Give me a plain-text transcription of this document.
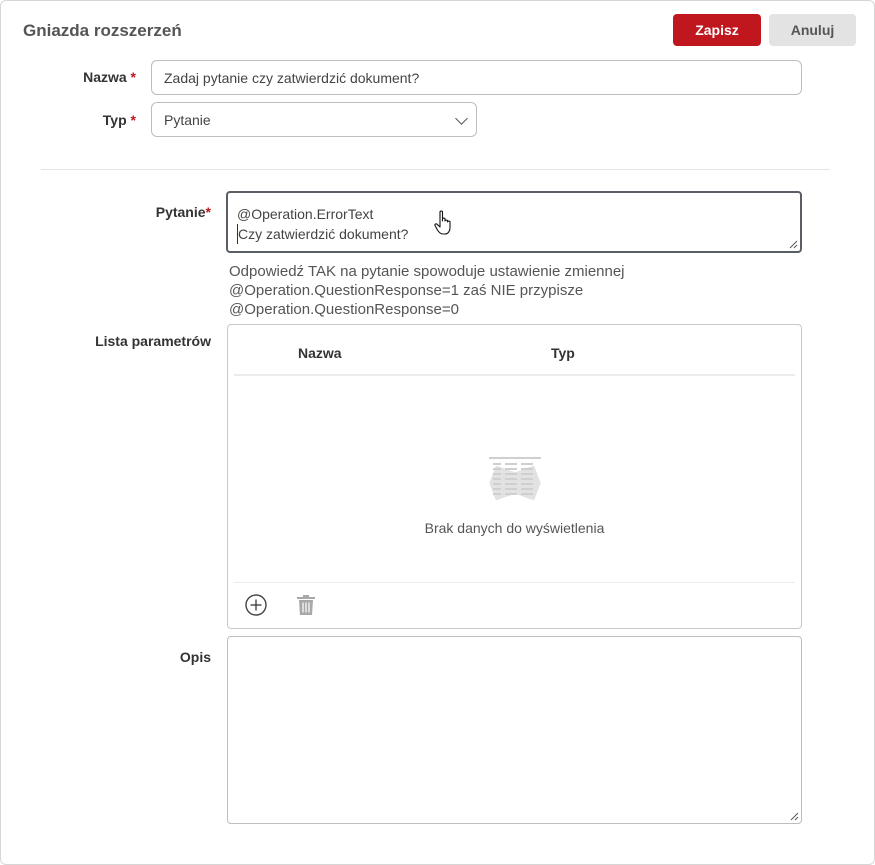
Gniazda rozszerzeń	Zapisz	Anuluj
Nazwa * Zadaj pytanie czy zatwierdzić dokument?
Typ * Pytanie
Pytanie* @Operation.ErrorText
Czy zatwierdzić dokument?
Odpowiedź TAK na pytanie spowoduje ustawienie zmiennej @Operation.QuestionResponse=1 zaś NIE przypisze @Operation.QuestionResponse=0
Lista parametrów
Nazwa	Typ
Brak danych do wyświetlenia
Opis
